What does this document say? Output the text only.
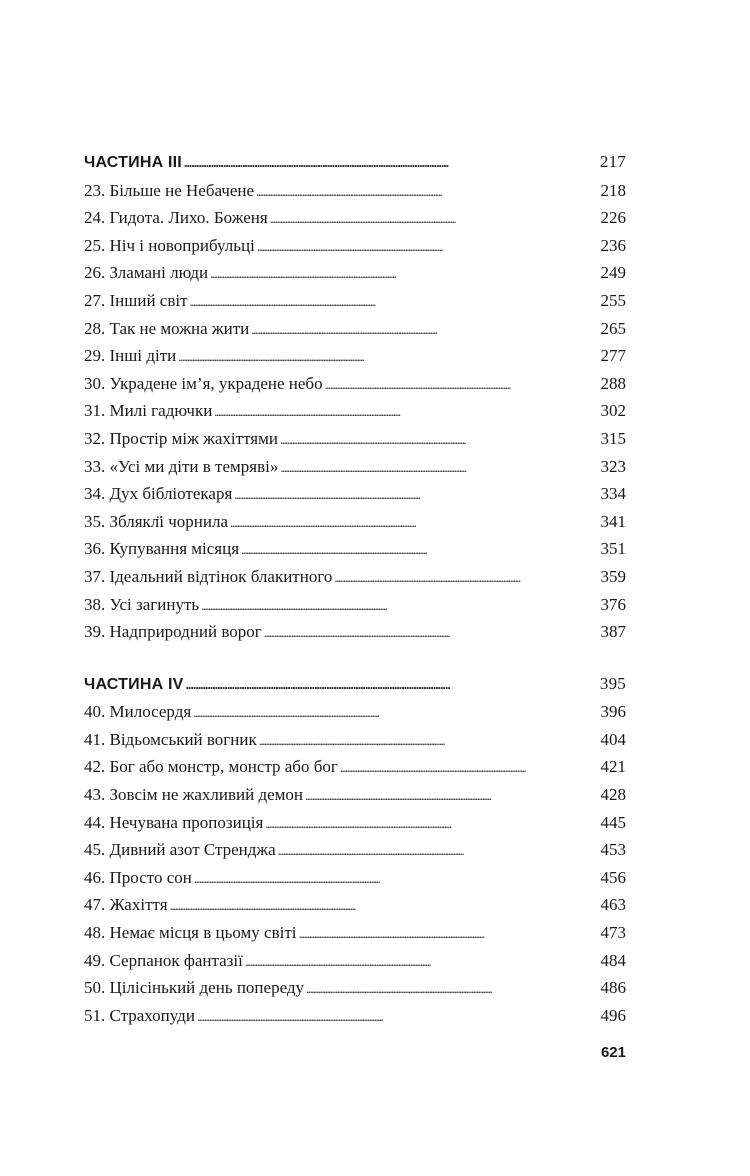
ЧАСТИНА III . . .	217
23. Більше не Небачене . . .	218
24. Гидота. Лихо. Боженя . . .	226
25. Ніч і новоприбульці . . .	236
26. Зламані люди . . .	249
27. Інший світ . . .	255
28. Так не можна жити . . .	265
29. Інші діти . . .	277
30. Украдене ім’я, украдене небо . . .	288
31. Милі гадючки . . .	302
32. Простір між жахіттями . . .	315
33. «Усі ми діти в темряві» . . .	323
34. Дух бібліотекаря . . .	334
35. Зблякл̈і чорнила . . .	341
36. Купування місяця . . .	351
37. Ідеальний відтінок блакитного . . .	359
38. Усі загинуть . . .	376
39. Надприродний ворог . . .	387
ЧАСТИНА IV . . .	395
40. Милосердя . . .	396
41. Відьомський вогник . . .	404
42. Бог або монстр, монстр або бог . . .	421
43. Зовсім не жахливий демон . . .	428
44. Нечувана пропозиція . . .	445
45. Дивний азот Стренджа . . .	453
46. Просто сон . . .	456
47. Жахіття . . .	463
48. Немає місця в цьому світі . . .	473
49. Серпанок фантазії . . .	484
50. Цілісінький день попереду . . .	486
51. Страхопуди . . .	496
621
